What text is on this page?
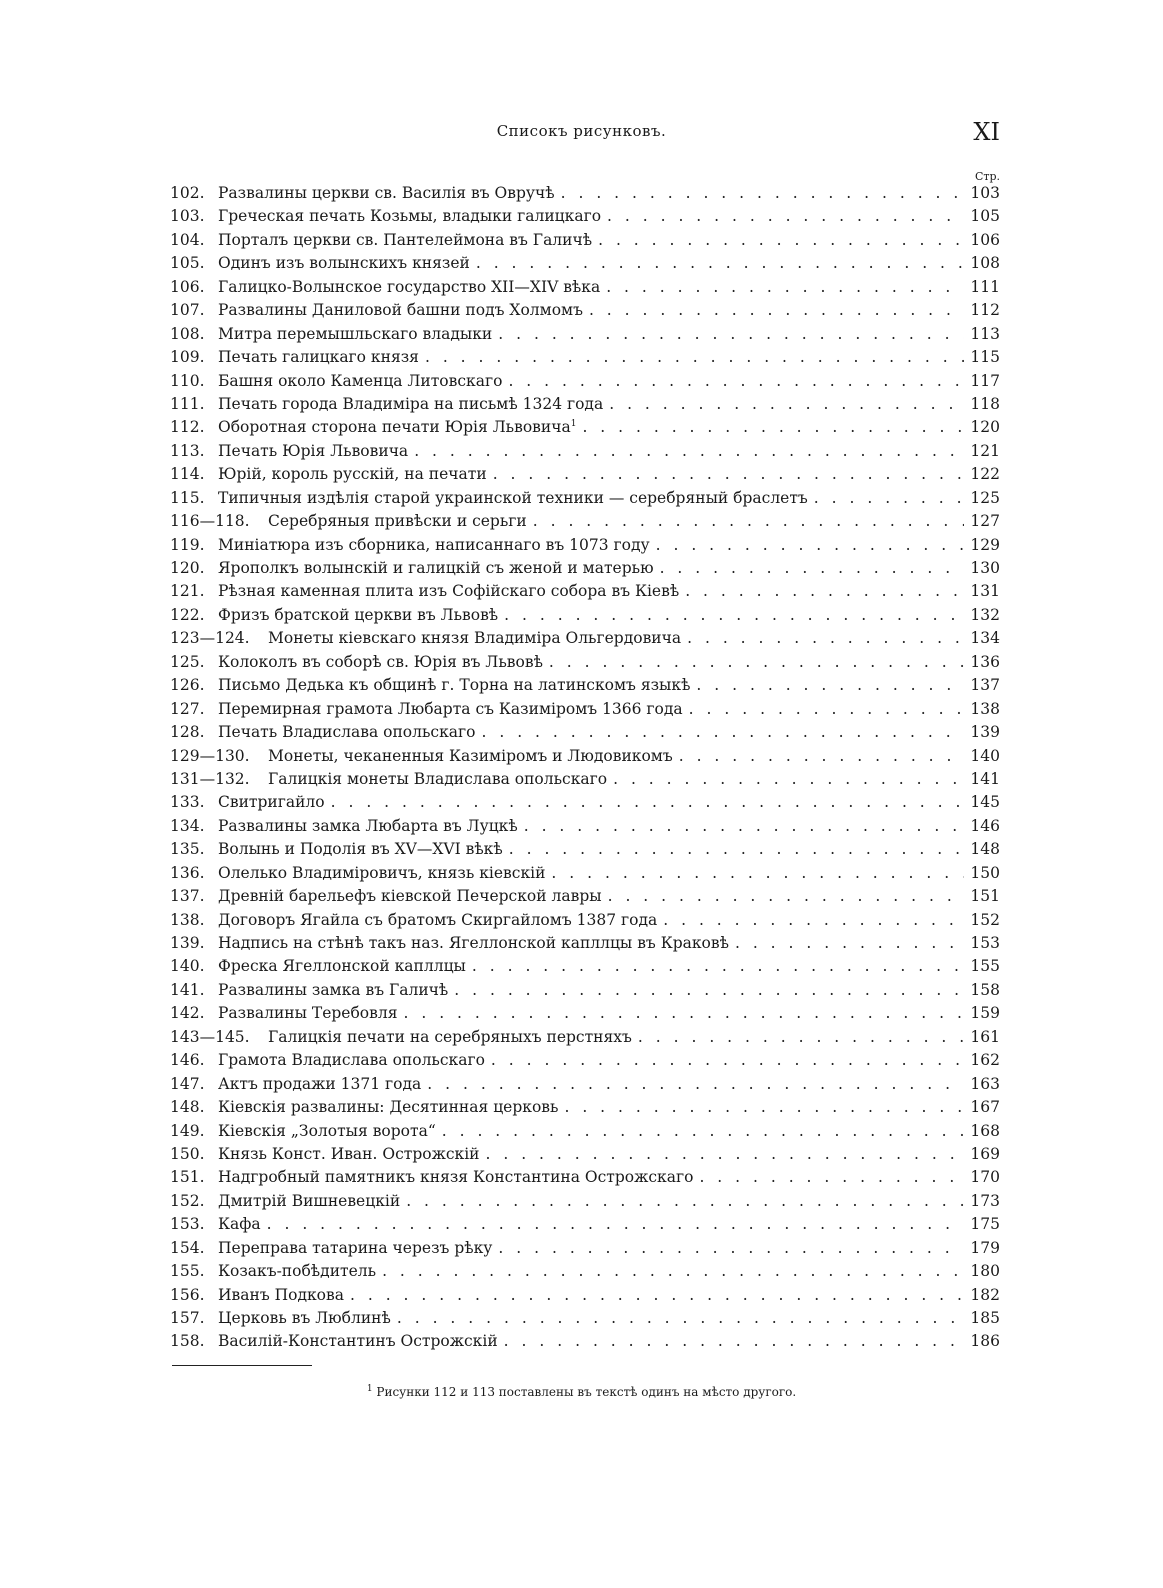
Списокъ рисунковъ.	XI
Стр.
102. Развалины церкви св. Василія въ Овручѣ . . .	103
103. Греческая печать Козьмы, владыки галицкаго . . .	105
104. Порталъ церкви св. Пантелеймона въ Галичѣ . . .	106
105. Одинъ изъ волынскихъ князей . . .	108
106. Галицко-Волынское государство XII—XIV вѣка . . .	111
107. Развалины Даниловой башни подъ Холмомъ . . .	112
108. Митра перемышльскаго владыки . . .	113
109. Печать галицкаго князя . . .	115
110. Башня около Каменца Литовскаго . . .	117
111. Печать города Владиміра на письмѣ 1324 года . . .	118
112. Оборотная сторона печати Юрія Львовича$^1$ . . .	120
113. Печать Юрія Львовича . . .	121
114. Юрій, король русскій, на печати . . .	122
115. Типичныя издѣлія старой украинской техники — серебряный браслетъ . . .	125
116—118.	Серебряныя привѣски и серьги . . .	127
119. Миніатюра изъ сборника, написаннаго въ 1073 году . . .	129
120. Ярополкъ волынскій и галицкій съ женой и матерью . . .	130
121. Рѣзная каменная плита изъ Софійскаго собора въ Кіевѣ . . .	131
122. Фризъ братской церкви въ Львовѣ . . .	132
123—124.	Монеты кіевскаго князя Владиміра Ольгердовича . . .	134
125. Колоколъ въ соборѣ св. Юрія въ Львовѣ . . .	136
126. Письмо Дедька къ общинѣ г. Торна на латинскомъ языкѣ . . .	137
127. Перемирная грамота Любарта съ Казиміромъ 1366 года . . .	138
128. Печать Владислава опольскаго . . .	139
129—130.	Монеты, чеканенныя Казиміромъ и Людовикомъ . . .	140
131—132.	Галицкія монеты Владислава опольскаго . . .	141
133. Свитригайло . . .	145
134. Развалины замка Любарта въ Луцкѣ . . .	146
135. Волынь и Подолія въ XV—XVI вѣкѣ . . .	148
136. Олелько Владиміровичъ, князь кіевскій . . .	150
137. Древній барельефъ кіевской Печерской лавры . . .	151
138. Договоръ Ягайла съ братомъ Скиргайломъ 1387 года . . .	152
139. Надпись на стѣнѣ такъ наз. Ягеллонской капллцы въ Краковѣ . . .	153
140. Фреска Ягеллонской капллцы . . .	155
141. Развалины замка въ Галичѣ . . .	158
142. Развалины Теребовля . . .	159
143—145.	Галицкія печати на серебряныхъ перстняхъ . . .	161
146. Грамота Владислава опольскаго . . .	162
147. Актъ продажи 1371 года . . .	163
148. Кіевскія развалины: Десятинная церковь . . .	167
149. Кіевскія „Золотыя ворота“ . . .	168
150. Князь Конст. Иван. Острожскій . . .	169
151. Надгробный памятникъ князя Константина Острожскаго . . .	170
152. Дмитрій Вишневецкій . . .	173
153. Кафа . . .	175
154. Переправа татарина черезъ рѣку . . .	179
155. Козакъ-побѣдитель . . .	180
156. Иванъ Подкова . . .	182
157. Церковь въ Люблинѣ . . .	185
158. Василій-Константинъ Острожскій . . .	186
$^1$ Рисунки 112 и 113 поставлены въ текстѣ одинъ на мѣсто другого.
